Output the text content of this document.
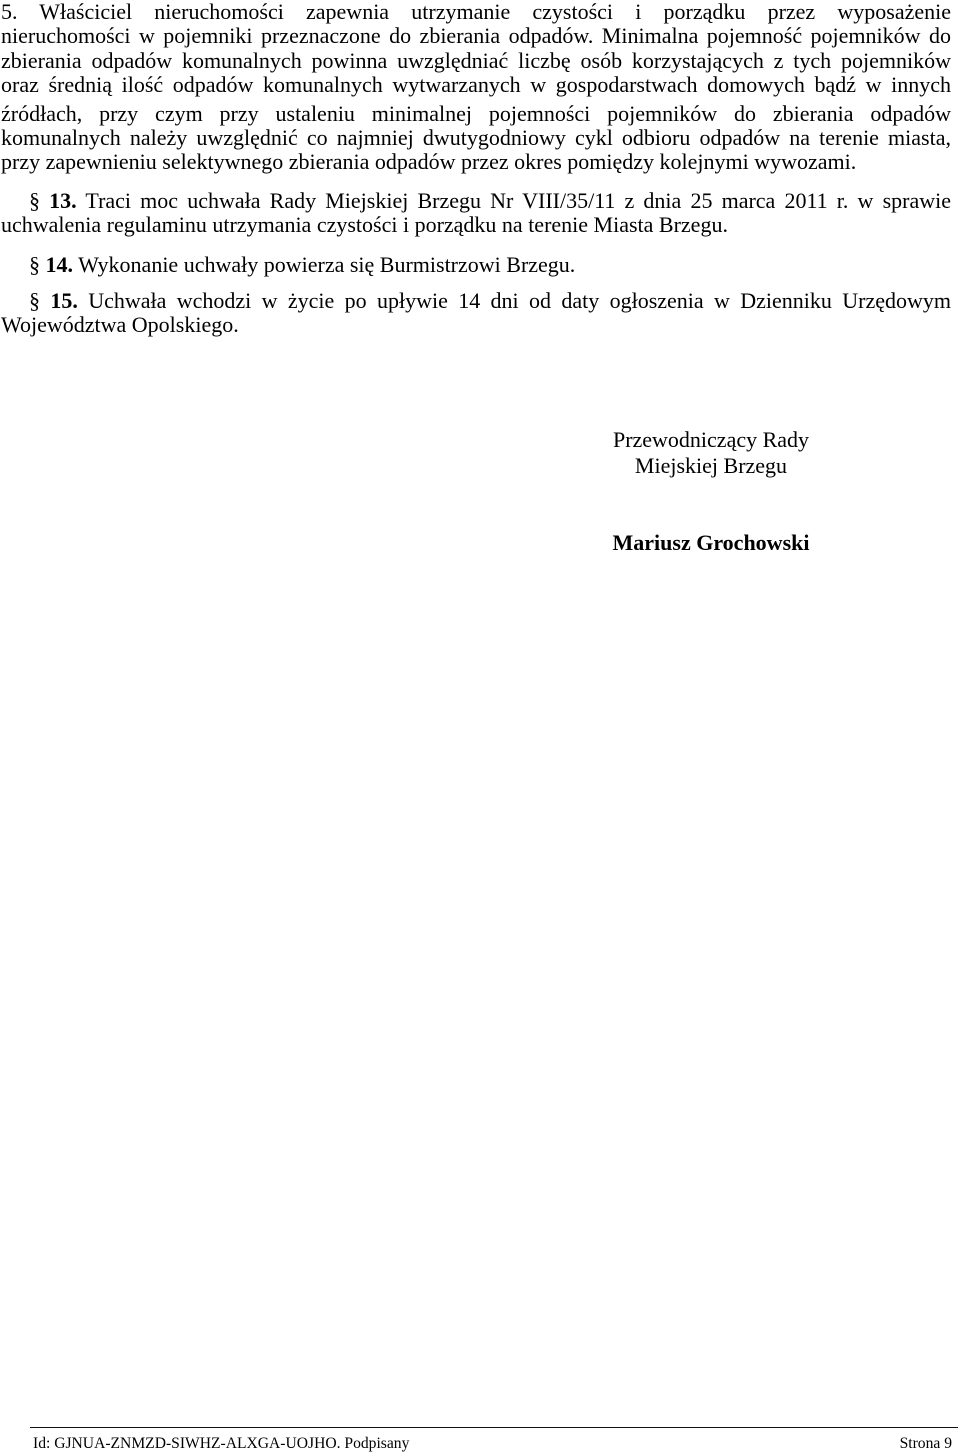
5. Właściciel nieruchomości zapewnia utrzymanie czystości i porządku przez wyposażenie
nieruchomości w pojemniki przeznaczone do zbierania odpadów. Minimalna pojemność pojemników do
zbierania odpadów komunalnych powinna uwzględniać liczbę osób korzystających z tych pojemników
oraz średnią ilość odpadów komunalnych wytwarzanych w gospodarstwach domowych bądź w innych
źródłach, przy czym przy ustaleniu minimalnej pojemności pojemników do zbierania odpadów
komunalnych należy uwzględnić co najmniej dwutygodniowy cykl odbioru odpadów na terenie miasta,
przy zapewnieniu selektywnego zbierania odpadów przez okres pomiędzy kolejnymi wywozami.
§ 13. Traci moc uchwała Rady Miejskiej Brzegu Nr VIII/35/11 z dnia 25 marca 2011 r. w sprawie
uchwalenia regulaminu utrzymania czystości i porządku na terenie Miasta Brzegu.
§ 14. Wykonanie uchwały powierza się Burmistrzowi Brzegu.
§ 15. Uchwała wchodzi w życie po upływie 14 dni od daty ogłoszenia w Dzienniku Urzędowym
Województwa Opolskiego.
Przewodniczący Rady
Miejskiej Brzegu
Mariusz Grochowski
Id: GJNUA-ZNMZD-SIWHZ-ALXGA-UOJHO. Podpisany	Strona 9
